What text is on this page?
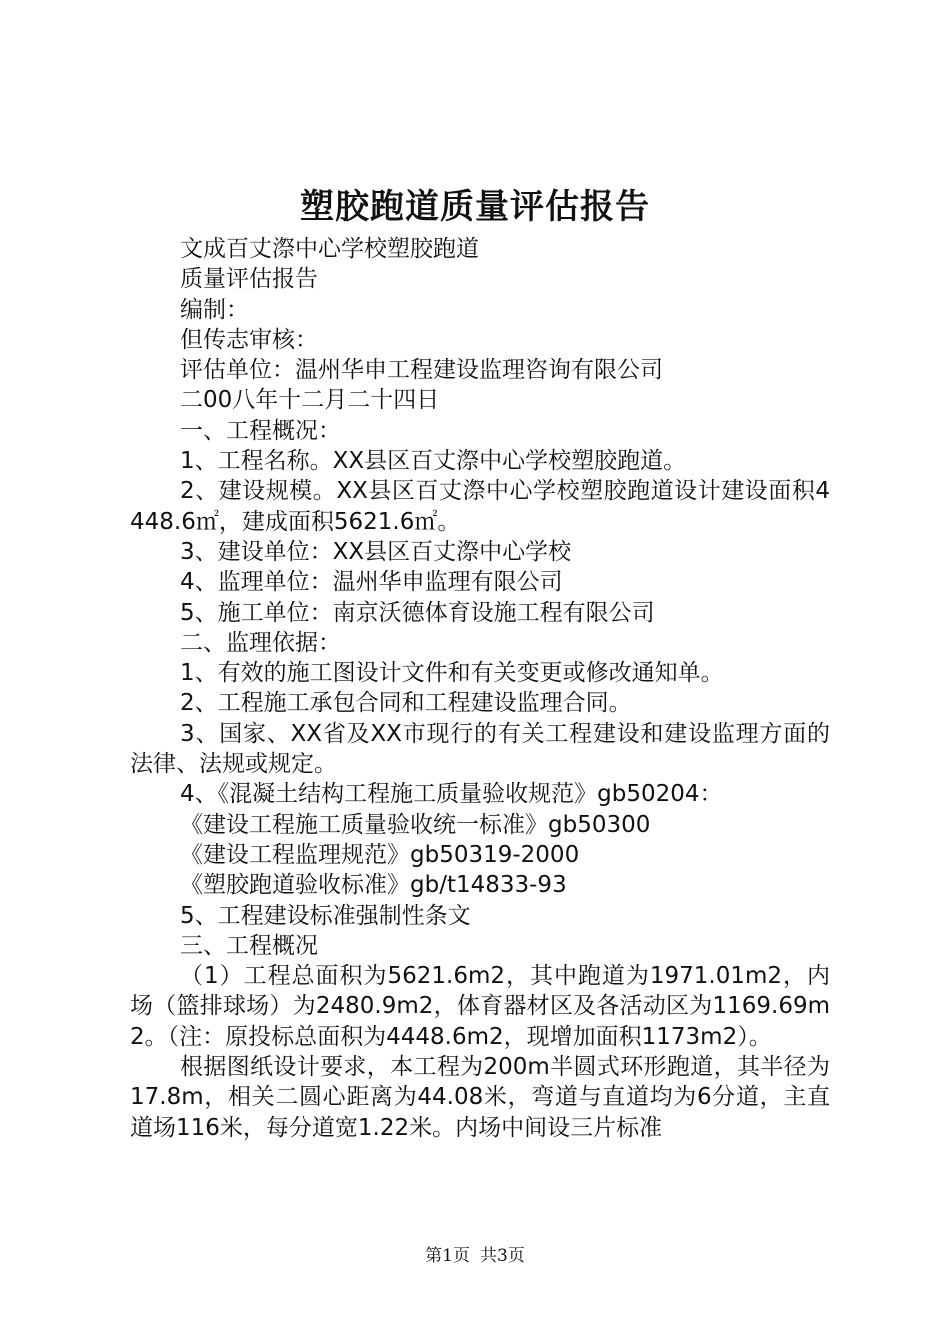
塑胶跑道质量评估报告

文成百丈漈中心学校塑胶跑道

质量评估报告

编制：

但传志审核：

评估单位：温州华申工程建设监理咨询有限公司

二00八年十二月二十四日

一、工程概况：

1、工程名称。XX县区百丈漈中心学校塑胶跑道。

2、建设规模。XX县区百丈漈中心学校塑胶跑道设计建设面积4448.6㎡，建成面积5621.6㎡。

3、建设单位：XX县区百丈漈中心学校

4、监理单位：温州华申监理有限公司

5、施工单位：南京沃德体育设施工程有限公司

二、监理依据：

1、有效的施工图设计文件和有关变更或修改通知单。

2、工程施工承包合同和工程建设监理合同。

3、国家、XX省及XX市现行的有关工程建设和建设监理方面的法律、法规或规定。

4、《混凝土结构工程施工质量验收规范》gb50204：

《建设工程施工质量验收统一标准》gb50300

《建设工程监理规范》gb50319-2000

《塑胶跑道验收标准》gb/t14833-93

5、工程建设标准强制性条文

三、工程概况

（1）工程总面积为5621.6m2，其中跑道为1971.01m2，内场（篮排球场）为2480.9m2，体育器材区及各活动区为1169.69m2。（注：原投标总面积为4448.6m2，现增加面积1173m2）。

根据图纸设计要求，本工程为200m半圆式环形跑道，其半径为17.8m，相关二圆心距离为44.08米，弯道与直道均为6分道，主直道场116米，每分道宽1.22米。内场中间设三片标准

第1页 共3页
